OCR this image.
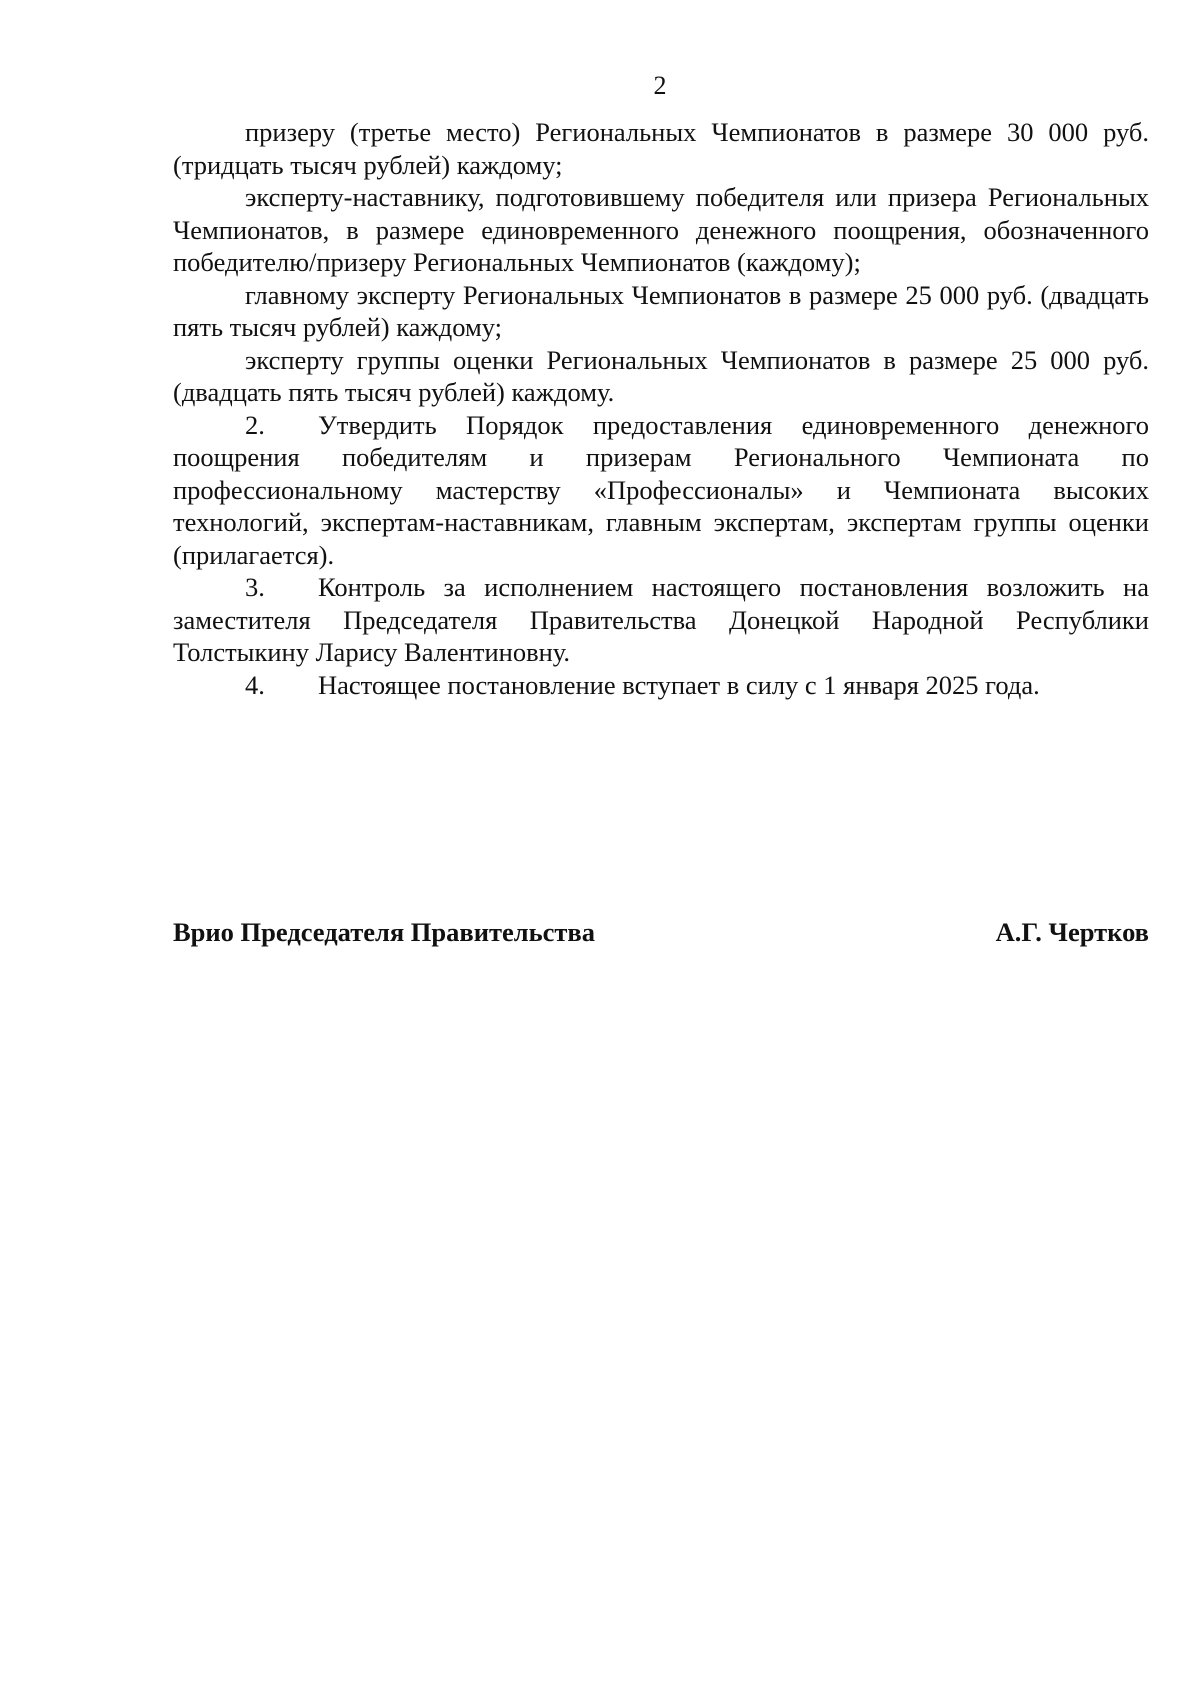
2

призеру (третье место) Региональных Чемпионатов в размере 30 000 руб. (тридцать тысяч рублей) каждому;

эксперту-наставнику, подготовившему победителя или призера Региональных Чемпионатов, в размере единовременного денежного поощрения, обозначенного победителю/призеру Региональных Чемпионатов (каждому);

главному эксперту Региональных Чемпионатов в размере 25 000 руб. (двадцать пять тысяч рублей) каждому;

эксперту группы оценки Региональных Чемпионатов в размере 25 000 руб. (двадцать пять тысяч рублей) каждому.

2. Утвердить Порядок предоставления единовременного денежного поощрения победителям и призерам Регионального Чемпионата по профессиональному мастерству «Профессионалы» и Чемпионата высоких технологий, экспертам-наставникам, главным экспертам, экспертам группы оценки (прилагается).

3. Контроль за исполнением настоящего постановления возложить на заместителя Председателя Правительства Донецкой Народной Республики Толстыкину Ларису Валентиновну.

4. Настоящее постановление вступает в силу с 1 января 2025 года.

Врио Председателя Правительства	А.Г. Чертков
